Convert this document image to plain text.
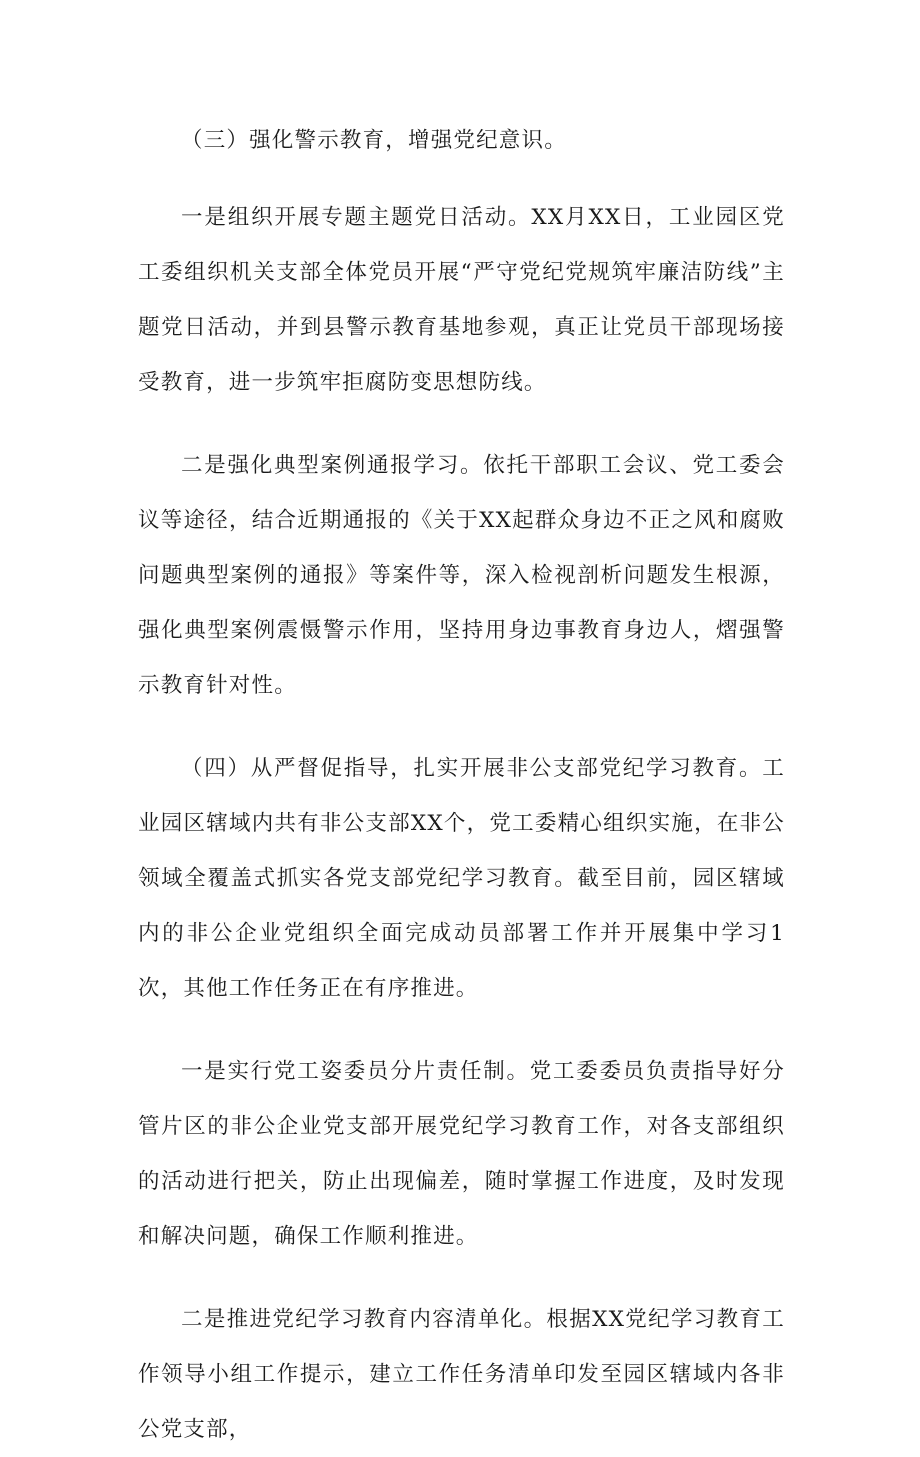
（三）强化警示教育，增强党纪意识。

一是组织开展专题主题党日活动。XX月XX日，工业园区党工委组织机关支部全体党员开展“严守党纪党规筑牢廉洁防线”主题党日活动，并到县警示教育基地参观，真正让党员干部现场接受教育，进一步筑牢拒腐防变思想防线。

二是强化典型案例通报学习。依托干部职工会议、党工委会议等途径，结合近期通报的《关于XX起群众身边不正之风和腐败问题典型案例的通报》等案件等，深入检视剖析问题发生根源，强化典型案例震慑警示作用，坚持用身边事教育身边人，熠强警示教育针对性。

（四）从严督促指导，扎实开展非公支部党纪学习教育。工业园区辖域内共有非公支部XX个，党工委精心组织实施，在非公领域全覆盖式抓实各党支部党纪学习教育。截至目前，园区辖域内的非公企业党组织全面完成动员部署工作并开展集中学习1次，其他工作任务正在有序推进。

一是实行党工姿委员分片责任制。党工委委员负责指导好分管片区的非公企业党支部开展党纪学习教育工作，对各支部组织的活动进行把关，防止出现偏差，随时掌握工作进度，及时发现和解决问题，确保工作顺利推进。

二是推进党纪学习教育内容清单化。根据XX党纪学习教育工作领导小组工作提示，建立工作任务清单印发至园区辖域内各非公党支部，
